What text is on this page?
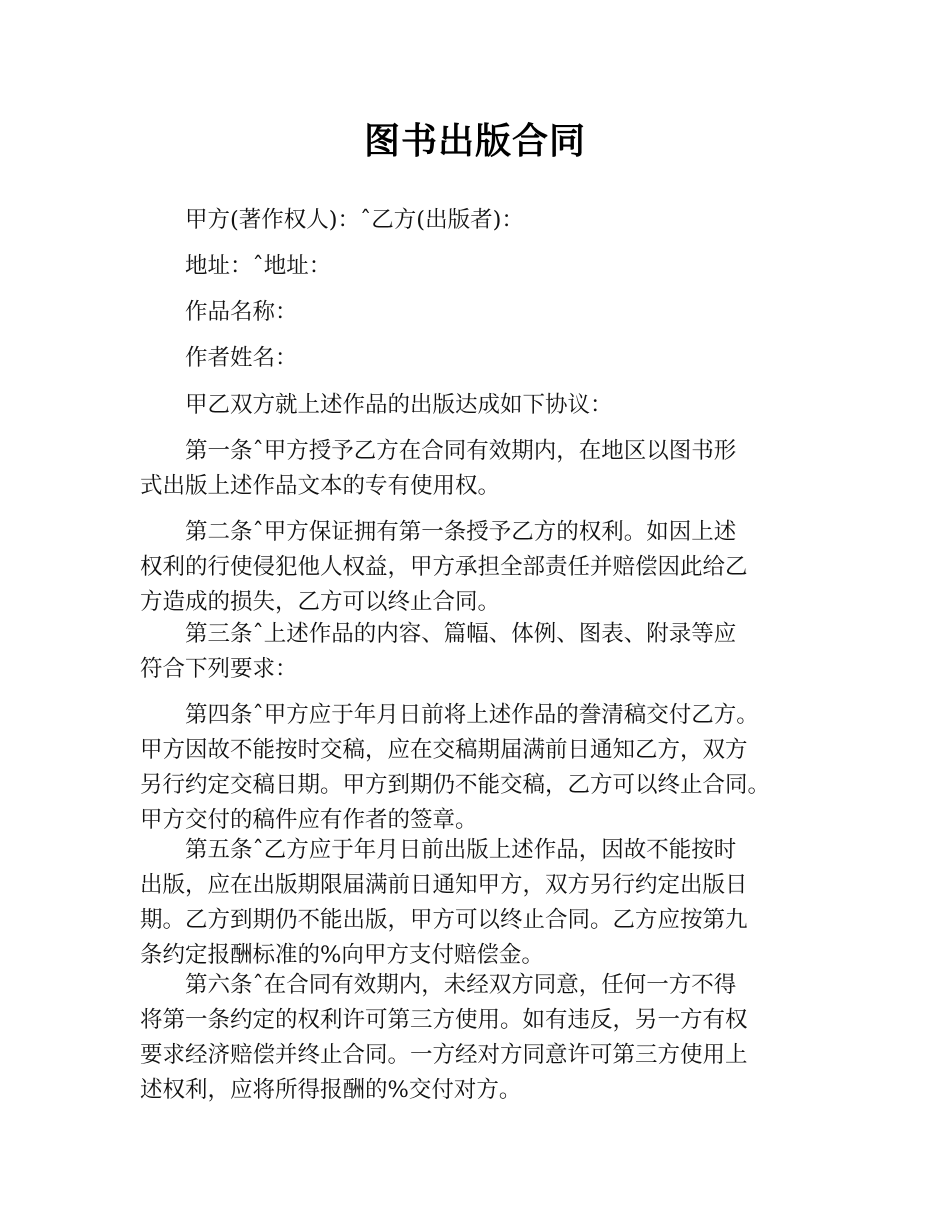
图书出版合同
甲方(著作权人)：ˆ乙方(出版者)：
地址：ˆ地址：
作品名称：
作者姓名：
甲乙双方就上述作品的出版达成如下协议：
第一条ˆ甲方授予乙方在合同有效期内，在地区以图书形
式出版上述作品文本的专有使用权。
第二条ˆ甲方保证拥有第一条授予乙方的权利。如因上述
权利的行使侵犯他人权益，甲方承担全部责任并赔偿因此给乙
方造成的损失，乙方可以终止合同。
第三条ˆ上述作品的内容、篇幅、体例、图表、附录等应
符合下列要求：
第四条ˆ甲方应于年月日前将上述作品的誊清稿交付乙方。
甲方因故不能按时交稿，应在交稿期届满前日通知乙方，双方
另行约定交稿日期。甲方到期仍不能交稿，乙方可以终止合同。
甲方交付的稿件应有作者的签章。
第五条ˆ乙方应于年月日前出版上述作品，因故不能按时
出版，应在出版期限届满前日通知甲方，双方另行约定出版日
期。乙方到期仍不能出版，甲方可以终止合同。乙方应按第九
条约定报酬标准的%向甲方支付赔偿金。
第六条ˆ在合同有效期内，未经双方同意，任何一方不得
将第一条约定的权利许可第三方使用。如有违反，另一方有权
要求经济赔偿并终止合同。一方经对方同意许可第三方使用上
述权利，应将所得报酬的%交付对方。
